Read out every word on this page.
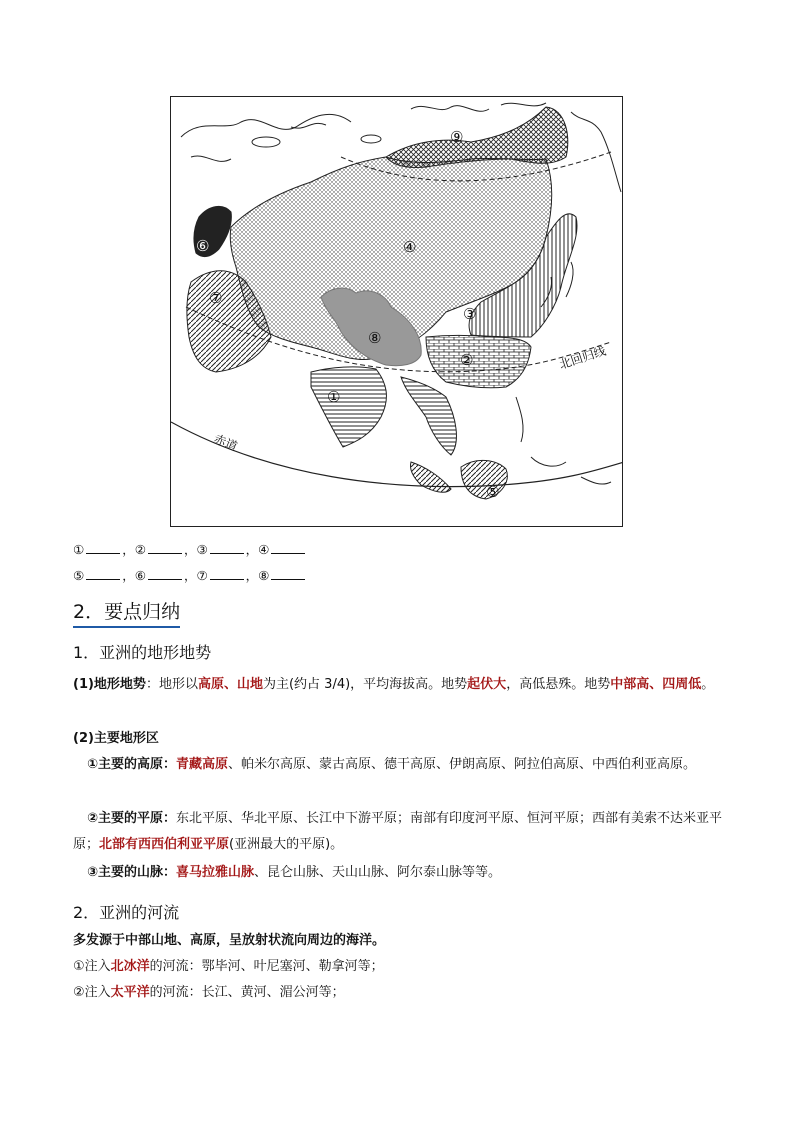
①
②
③
④
⑤
⑥
⑦
⑧
⑨
北回归线
赤道
①	，②	，③	，④
⑤	，⑥	，⑦	，⑧
2．要点归纳
1．亚洲的地形地势
(1)地形地势：地形以高原、山地为主(约占 3/4)，平均海拔高。地势起伏大，高低悬殊。地势中部高、四周低。
(2)主要地形区
①主要的高原：青藏高原、帕米尔高原、蒙古高原、德干高原、伊朗高原、阿拉伯高原、中西伯利亚高原。
②主要的平原：东北平原、华北平原、长江中下游平原；南部有印度河平原、恒河平原；西部有美索不达米亚平原；北部有西西伯利亚平原(亚洲最大的平原)。
③主要的山脉：喜马拉雅山脉、昆仑山脉、天山山脉、阿尔泰山脉等等。
2．亚洲的河流
多发源于中部山地、高原，呈放射状流向周边的海洋。
①注入北冰洋的河流：鄂毕河、叶尼塞河、勒拿河等；
②注入太平洋的河流：长江、黄河、湄公河等；
